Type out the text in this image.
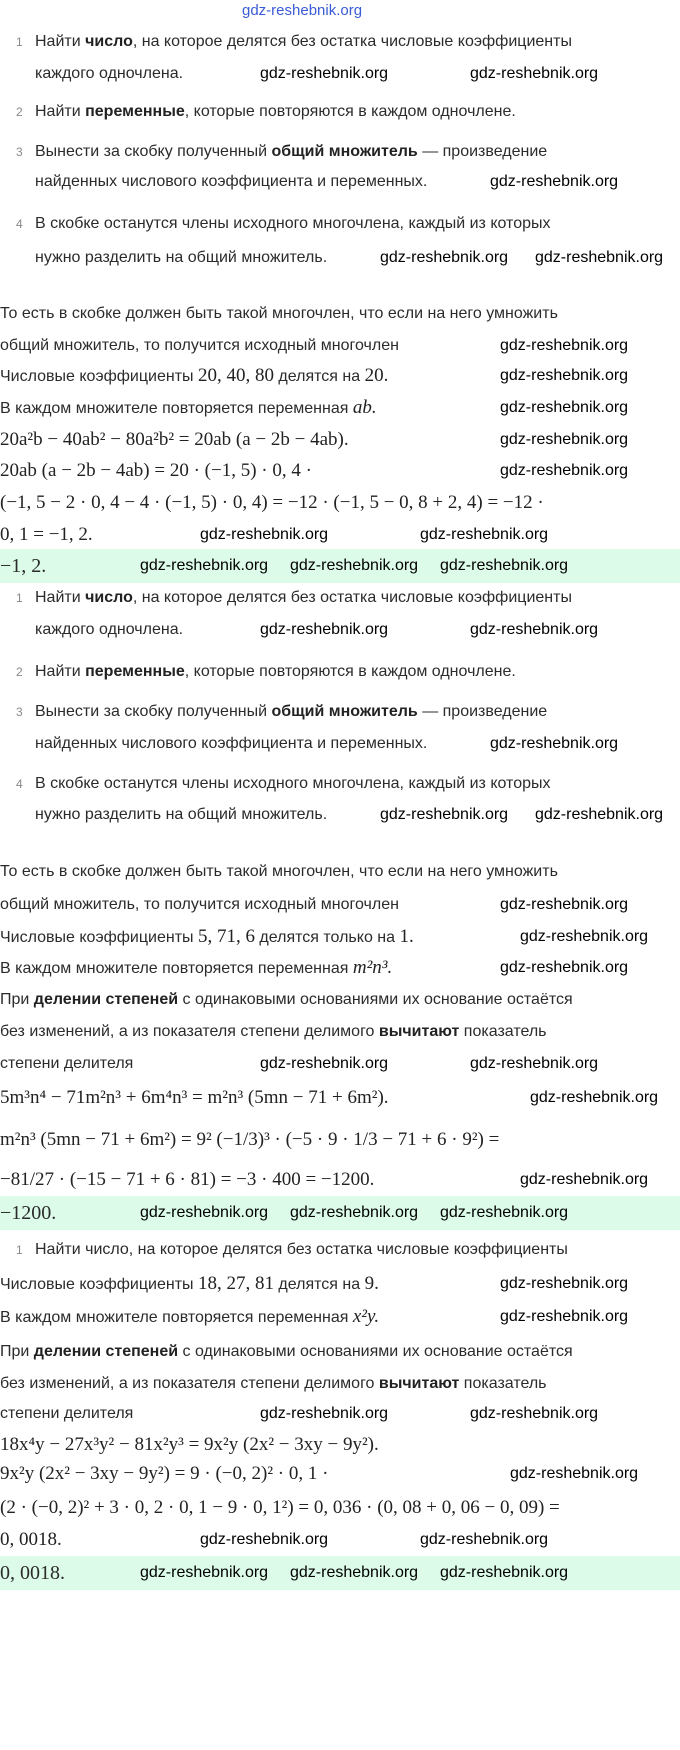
gdz-reshebnik.org
1 Найти число, на которое делятся без остатка числовые коэффициенты
каждого одночлена.
2 Найти переменные, которые повторяются в каждом одночлене.
3 Вынести за скобку полученный общий множитель — произведение
найденных числового коэффициента и переменных.
4 В скобке останутся члены исходного многочлена, каждый из которых
нужно разделить на общий множитель.
То есть в скобке должен быть такой многочлен, что если на него умножить
общий множитель, то получится исходный многочлен
Числовые коэффициенты 20, 40, 80 делятся на 20.
В каждом множителе повторяется переменная ab.
20a²b − 40ab² − 80a²b² = 20ab (a − 2b − 4ab).
20ab (a − 2b − 4ab) = 20 · (−1, 5) · 0, 4 ·
(−1, 5 − 2 · 0, 4 − 4 · (−1, 5) · 0, 4) = −12 · (−1, 5 − 0, 8 + 2, 4) = −12 ·
0, 1 = −1, 2.
−1, 2.
1 Найти число, на которое делятся без остатка числовые коэффициенты
каждого одночлена.
2 Найти переменные, которые повторяются в каждом одночлене.
3 Вынести за скобку полученный общий множитель — произведение
найденных числового коэффициента и переменных.
4 В скобке останутся члены исходного многочлена, каждый из которых
нужно разделить на общий множитель.
То есть в скобке должен быть такой многочлен, что если на него умножить
общий множитель, то получится исходный многочлен
Числовые коэффициенты 5, 71, 6 делятся только на 1.
В каждом множителе повторяется переменная m²n³.
При делении степеней с одинаковыми основаниями их основание остаётся
без изменений, а из показателя степени делимого вычитают показатель
степени делителя
5m³n⁴ − 71m²n³ + 6m⁴n³ = m²n³ (5mn − 71 + 6m²).
m²n³ (5mn − 71 + 6m²) = 9² (−1/3)³ · (−5 · 9 · 1/3 − 71 + 6 · 9²) =
−81/27 · (−15 − 71 + 6 · 81) = −3 · 400 = −1200.
−1200.
1 Найти число, на которое делятся без остатка числовые коэффициенты
Числовые коэффициенты 18, 27, 81 делятся на 9.
В каждом множителе повторяется переменная x²y.
При делении степеней с одинаковыми основаниями их основание остаётся
без изменений, а из показателя степени делимого вычитают показатель
степени делителя
18x⁴y − 27x³y² − 81x²y³ = 9x²y (2x² − 3xy − 9y²).
9x²y (2x² − 3xy − 9y²) = 9 · (−0, 2)² · 0, 1 ·
(2 · (−0, 2)² + 3 · 0, 2 · 0, 1 − 9 · 0, 1²) = 0, 036 · (0, 08 + 0, 06 − 0, 09) =
0, 0018.
0, 0018.
gdz-reshebnik.org	gdz-reshebnik.org
gdz-reshebnik.org
gdz-reshebnik.org gdz-reshebnik.org
gdz-reshebnik.org
gdz-reshebnik.org
gdz-reshebnik.org
gdz-reshebnik.org
gdz-reshebnik.org
gdz-reshebnik.org	gdz-reshebnik.org
gdz-reshebnik.org gdz-reshebnik.org gdz-reshebnik.org
gdz-reshebnik.org	gdz-reshebnik.org
gdz-reshebnik.org
gdz-reshebnik.org gdz-reshebnik.org
gdz-reshebnik.org
gdz-reshebnik.org
gdz-reshebnik.org
gdz-reshebnik.org	gdz-reshebnik.org
gdz-reshebnik.org
gdz-reshebnik.org
gdz-reshebnik.org gdz-reshebnik.org gdz-reshebnik.org
gdz-reshebnik.org
gdz-reshebnik.org
gdz-reshebnik.org	gdz-reshebnik.org
gdz-reshebnik.org
gdz-reshebnik.org	gdz-reshebnik.org
gdz-reshebnik.org gdz-reshebnik.org gdz-reshebnik.org
